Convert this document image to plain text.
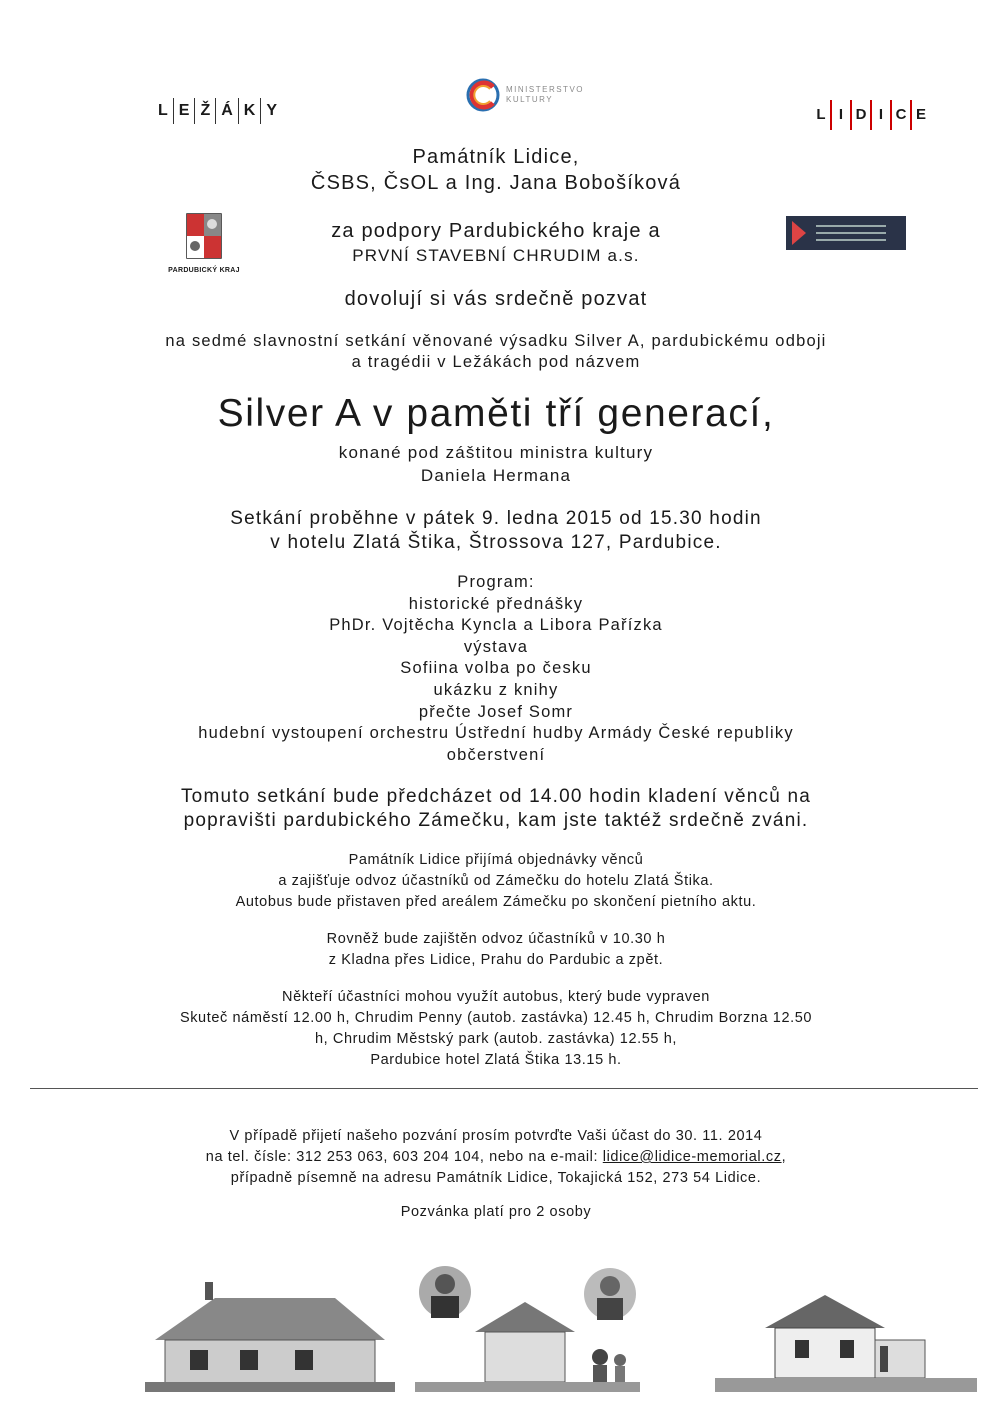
L E Ž Á K Y
MINISTERSTVO
KULTURY
L I D I C E
PARDUBICKÝ KRAJ
Památník Lidice,
ČSBS, ČsOL a Ing. Jana Bobošíková
za podpory Pardubického kraje a
PRVNÍ STAVEBNÍ CHRUDIM a.s.
dovolují si vás srdečně pozvat
na sedmé slavnostní setkání věnované výsadku Silver A, pardubickému odboji
a tragédii v Ležákách pod názvem
Silver A v paměti tří generací,
konané pod záštitou ministra kultury
Daniela Hermana
Setkání proběhne v pátek 9. ledna 2015 od 15.30 hodin
v hotelu Zlatá Štika, Štrossova 127, Pardubice.
Program:
historické přednášky
PhDr. Vojtěcha Kyncla a Libora Pařízka
výstava
Sofiina volba po česku
ukázku z knihy
přečte Josef Somr
hudební vystoupení orchestru Ústřední hudby Armády České republiky
občerstvení
Tomuto setkání bude předcházet od 14.00 hodin kladení věnců na
popravišti pardubického Zámečku, kam jste taktéž srdečně zváni.
Památník Lidice přijímá objednávky věnců
a zajišťuje odvoz účastníků od Zámečku do hotelu Zlatá Štika.
Autobus bude přistaven před areálem Zámečku po skončení pietního aktu.
Rovněž bude zajištěn odvoz účastníků v 10.30 h
z Kladna přes Lidice, Prahu do Pardubic a zpět.
Někteří účastníci mohou využít autobus, který bude vypraven
Skuteč náměstí 12.00 h, Chrudim Penny (autob. zastávka) 12.45 h, Chrudim Borzna 12.50
h, Chrudim Městský park (autob. zastávka) 12.55 h,
Pardubice hotel Zlatá Štika 13.15 h.
V případě přijetí našeho pozvání prosím potvrďte Vaši účast do 30. 11. 2014
na tel. čísle: 312 253 063, 603 204 104, nebo na e-mail: lidice@lidice-memorial.cz,
případně písemně na adresu Památník Lidice, Tokajická 152, 273 54 Lidice.
Pozvánka platí pro 2 osoby
